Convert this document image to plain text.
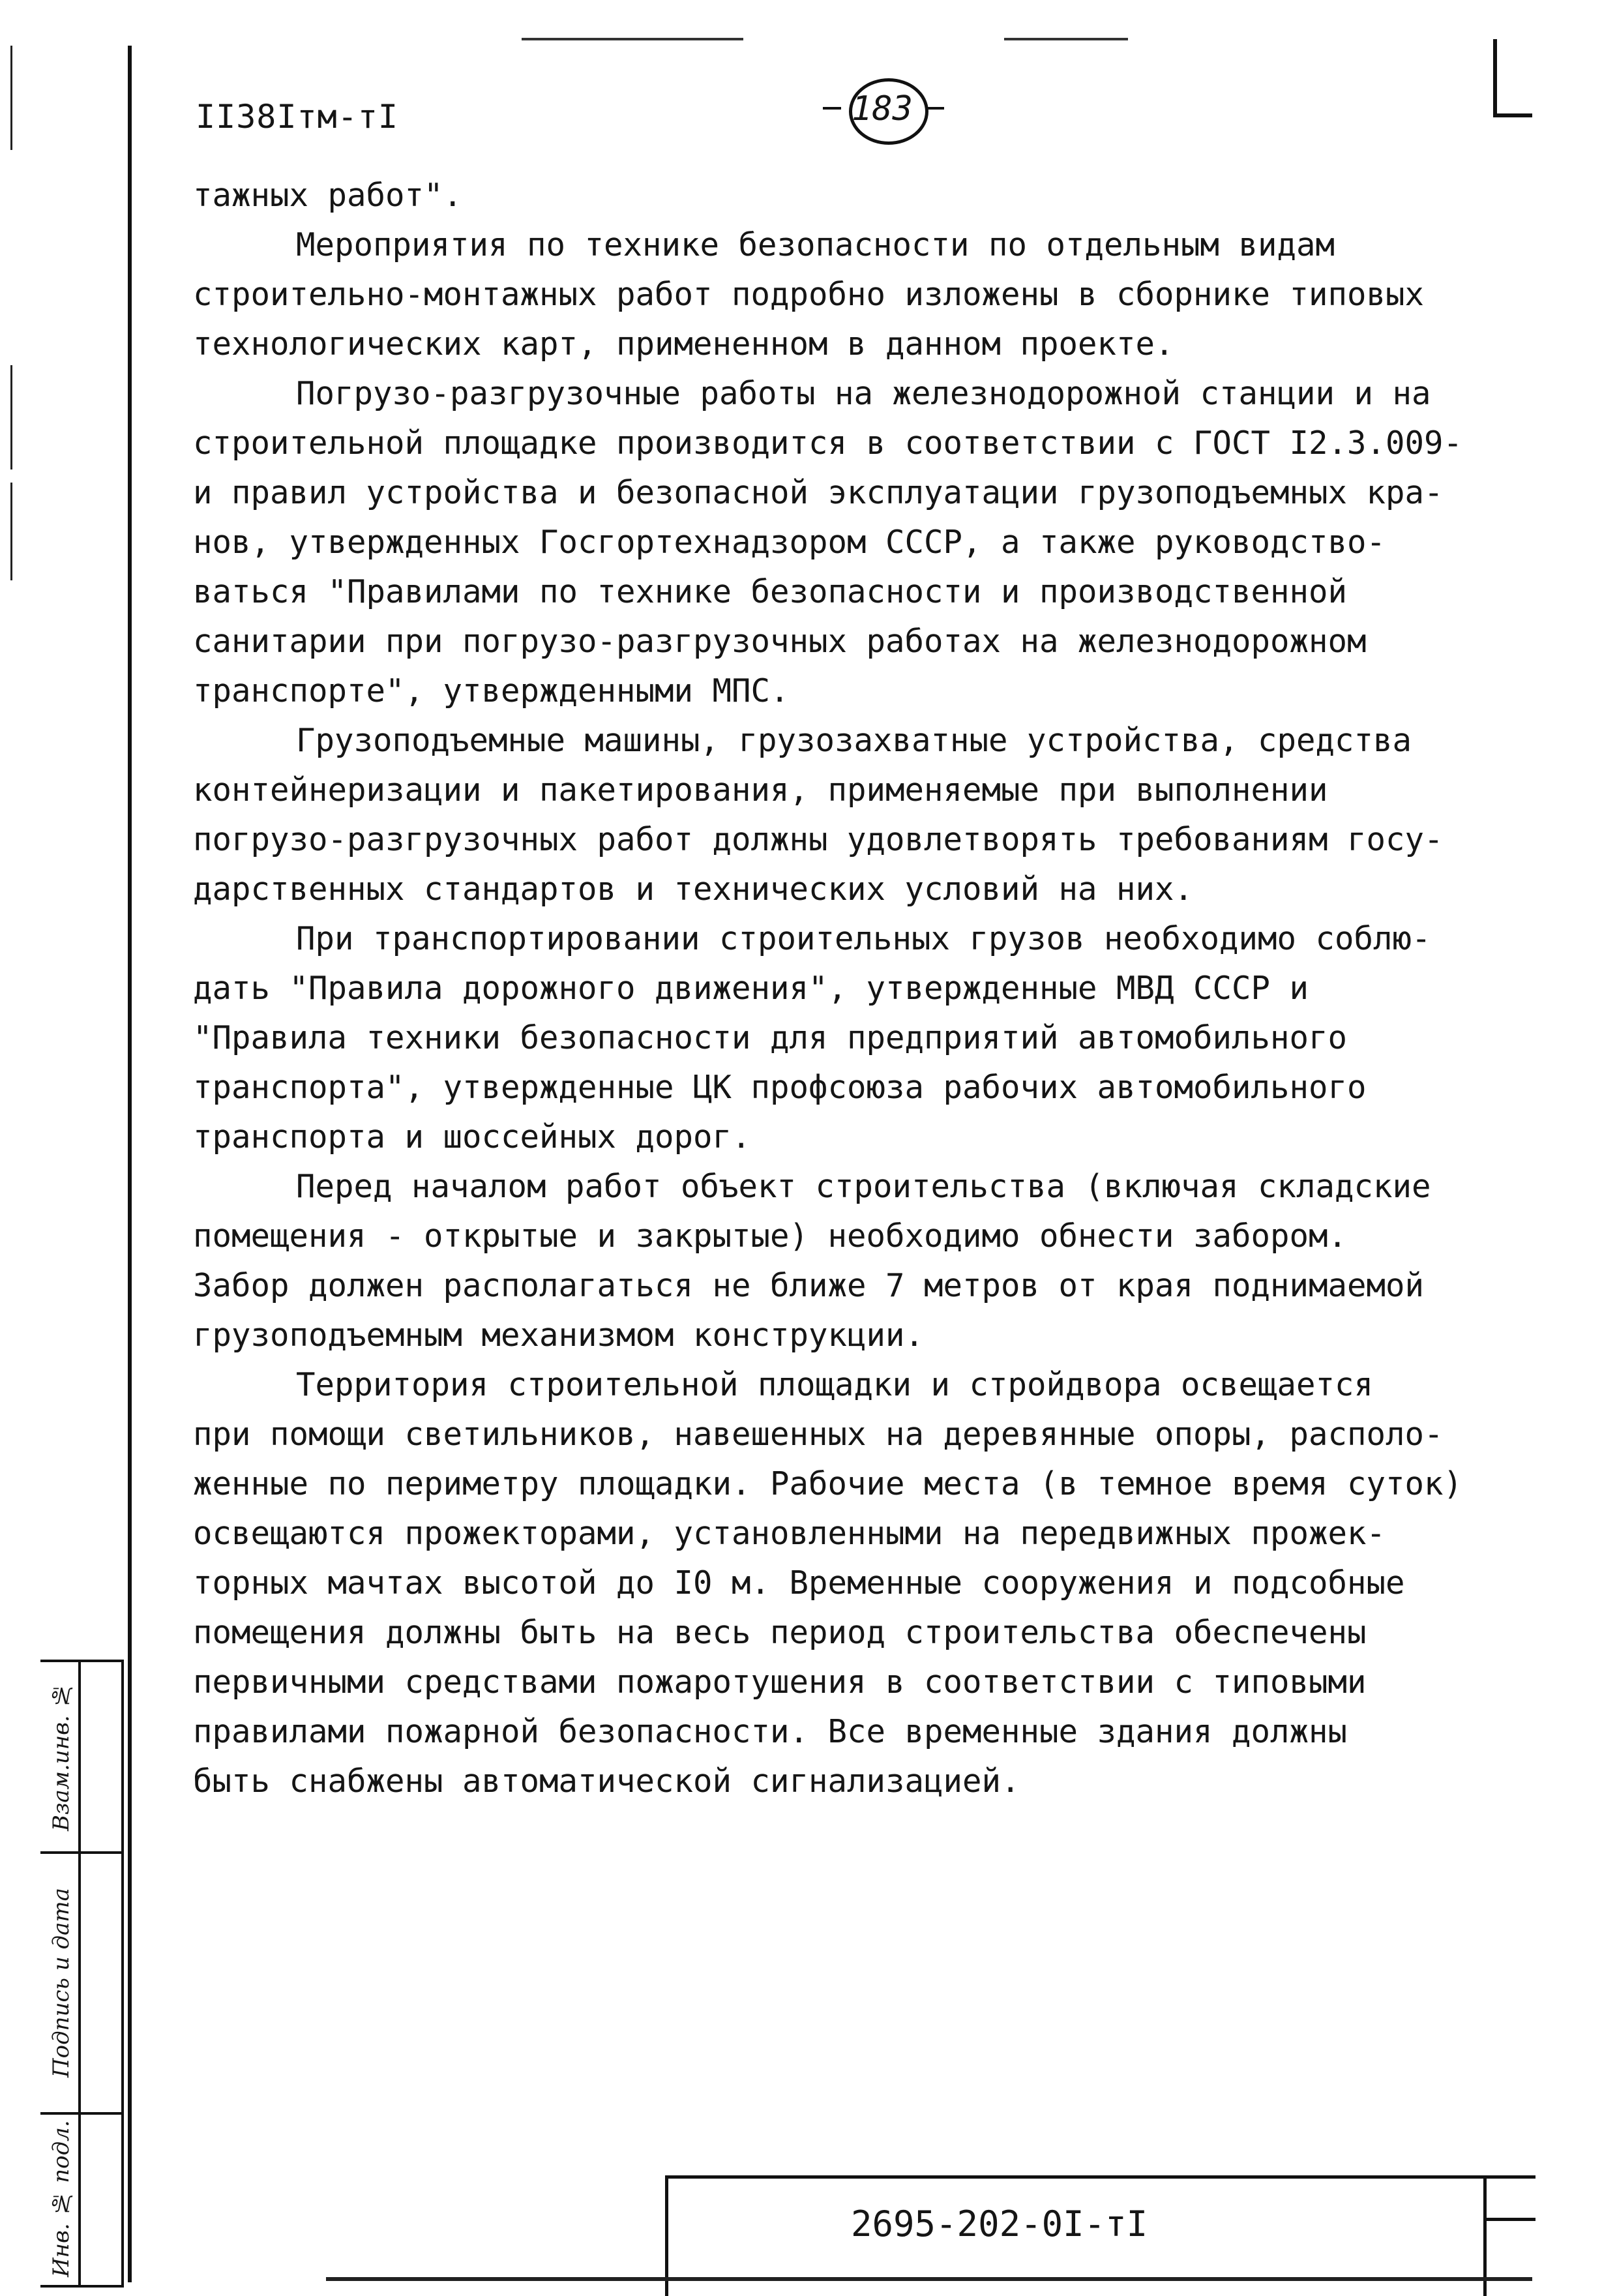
II38Iтм-тI	183

тажных работ".

Мероприятия по технике безопасности по отдельным видам
строительно-монтажных работ подробно изложены в сборнике типовых
технологических карт, примененном в данном проекте.

Погрузо-разгрузочные работы на железнодорожной станции и на
строительной площадке производится в соответствии с ГОСТ I2.3.009-
и правил устройства и безопасной эксплуатации грузоподъемных кра-
нов, утвержденных Госгортехнадзором СССР, а также руководство-
ваться "Правилами по технике безопасности и производственной
санитарии при погрузо-разгрузочных работах на железнодорожном
транспорте", утвержденными МПС.

Грузоподъемные машины, грузозахватные устройства, средства
контейнеризации и пакетирования, применяемые при выполнении
погрузо-разгрузочных работ должны удовлетворять требованиям госу-
дарственных стандартов и технических условий на них.

При транспортировании строительных грузов необходимо соблю-
дать "Правила дорожного движения", утвержденные МВД СССР и
"Правила техники безопасности для предприятий автомобильного
транспорта", утвержденные ЦК профсоюза рабочих автомобильного
транспорта и шоссейных дорог.

Перед началом работ объект строительства (включая складские
помещения - открытые и закрытые) необходимо обнести забором.
Забор должен располагаться не ближе 7 метров от края поднимаемой
грузоподъемным механизмом конструкции.

Территория строительной площадки и стройдвора освещается
при помощи светильников, навешенных на деревянные опоры, располо-
женные по периметру площадки. Рабочие места (в темное время суток)
освещаются прожекторами, установленными на передвижных прожек-
торных мачтах высотой до I0 м. Временные сооружения и подсобные
помещения должны быть на весь период строительства обеспечены
первичными средствами пожаротушения в соответствии с типовыми
правилами пожарной безопасности. Все временные здания должны
быть снабжены автоматической сигнализацией.

Взам.инв. №
Подпись и дата
Инв. № подл.	2695-202-0I-тI
